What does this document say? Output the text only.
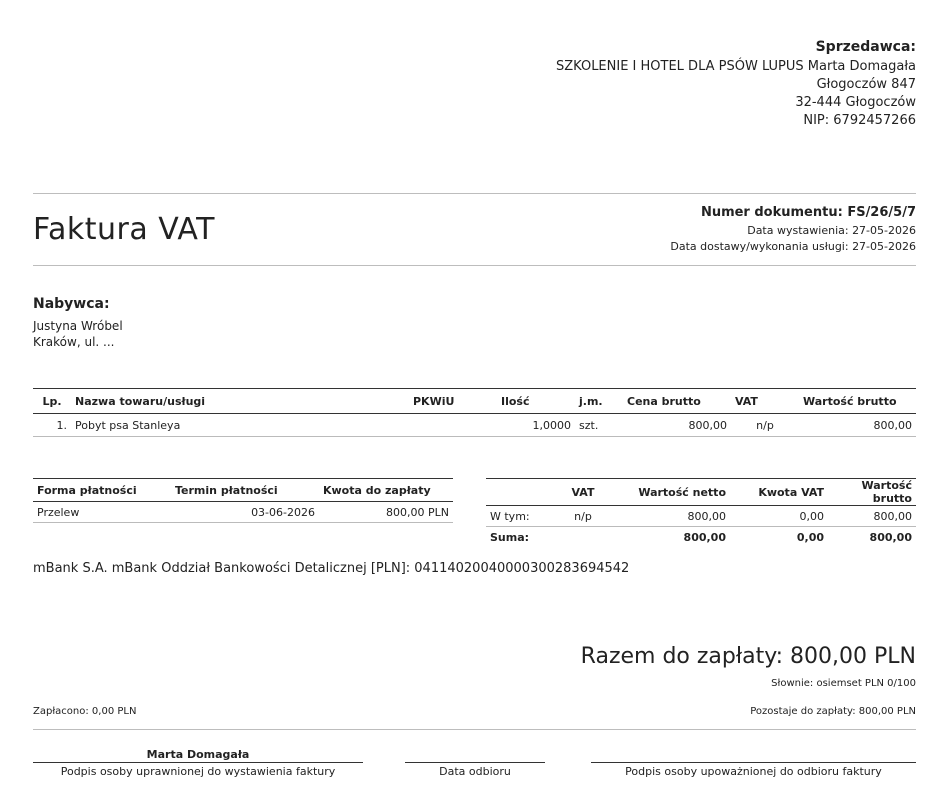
Sprzedawca:
SZKOLENIE I HOTEL DLA PSÓW LUPUS Marta Domagała
Głogoczów 847
32-444 Głogoczów
NIP: 6792457266
Faktura VAT	Numer dokumentu: FS/26/5/7
Data wystawienia: 27-05-2026
Data dostawy/wykonania usługi: 27-05-2026
Nabywca:
Justyna Wróbel
Kraków, ul. ...
Lp.	Nazwa towaru/usługi	PKWiU	Ilość	j.m.	Cena brutto	VAT	Wartość brutto
1.	Pobyt psa Stanleya		1,0000	szt.	800,00	n/p	800,00
Forma płatności	Termin płatności	Kwota do zapłaty
Przelew	03-06-2026	800,00 PLN
	VAT	Wartość netto	Kwota VAT	Wartość brutto
W tym:	n/p	800,00	0,00	800,00
Suma:		800,00	0,00	800,00
mBank S.A. mBank Oddział Bankowości Detalicznej [PLN]: 04114020040000300283694542
Razem do zapłaty: 800,00 PLN
Słownie: osiemset PLN 0/100
Zapłacono: 0,00 PLN	Pozostaje do zapłaty: 800,00 PLN
Marta Domagała
Podpis osoby uprawnionej do wystawienia faktury	Data odbioru	Podpis osoby upoważnionej do odbioru faktury
